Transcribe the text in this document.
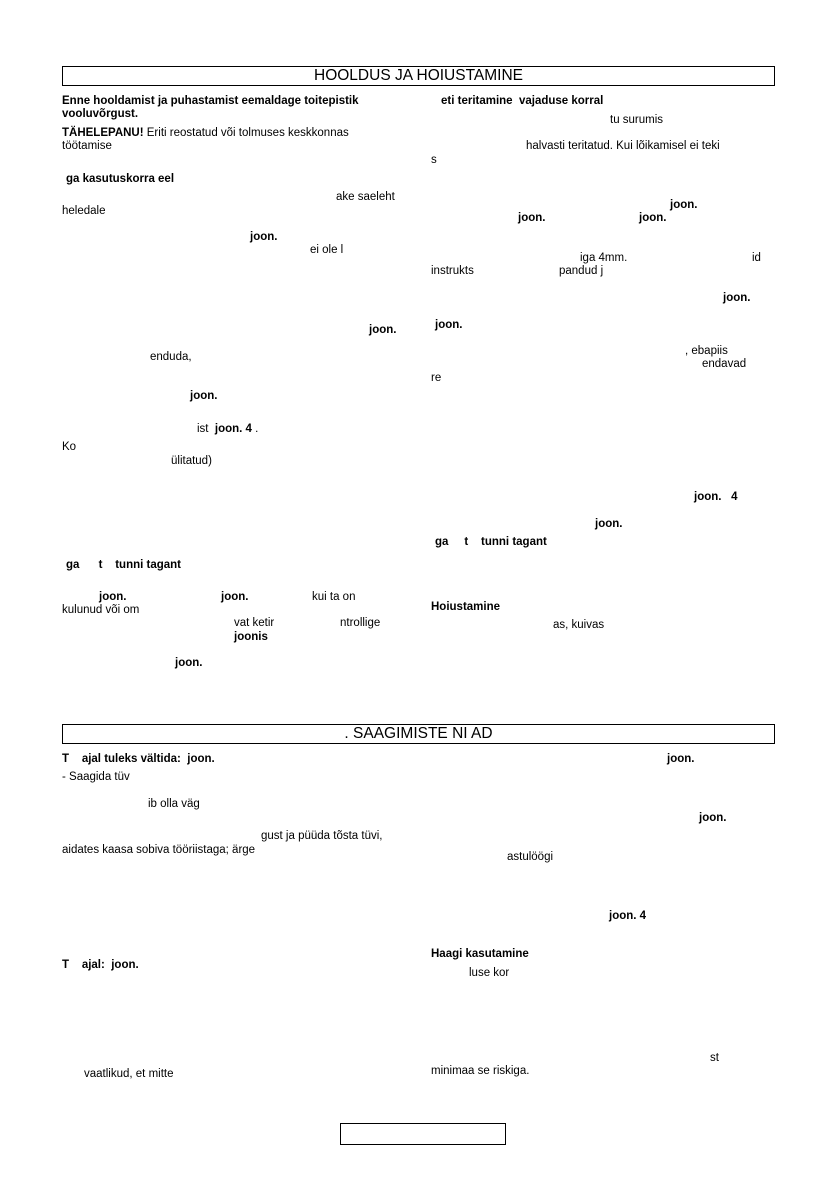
HOOLDUS JA HOIUSTAMINE
Enne hooldamist ja puhastamist eemaldage toitepistik
vooluvõrgust.
TÄHELEPANU! Eriti reostatud või tolmuses keskkonnas
töötamise
ga kasutuskorra eel
ake saeleht
heledale
joon.
ei ole l
joon.
enduda,
joon.
ist joon. 4 .
Ko
ülitatud)
ga t tunni tagant
joon.	joon.	kui ta on
kulunud või om
vat ketir	ntrollige
joonis
joon.
eti teritamine vajaduse korral
tu surumis
halvasti teritatud. Kui lõikamisel ei teki
s
joon.
joon.	joon.
iga 4mm.	id
instrukts	pandud j
joon.
joon.
, ebapiis
endavad
re
joon. 4
joon.
ga t tunni tagant
Hoiustamine
as, kuivas
. SAAGIMISTE NI AD
T ajal tuleks vältida: joon.
- Saagida tüv
ib olla väg
gust ja püüda tõsta tüvi,
aidates kaasa sobiva tööriistaga; ärge
T ajal: joon.
vaatlikud, et mitte
joon.
joon.
astulöögi
joon. 4
Haagi kasutamine
luse kor
st
minimaa se riskiga.
